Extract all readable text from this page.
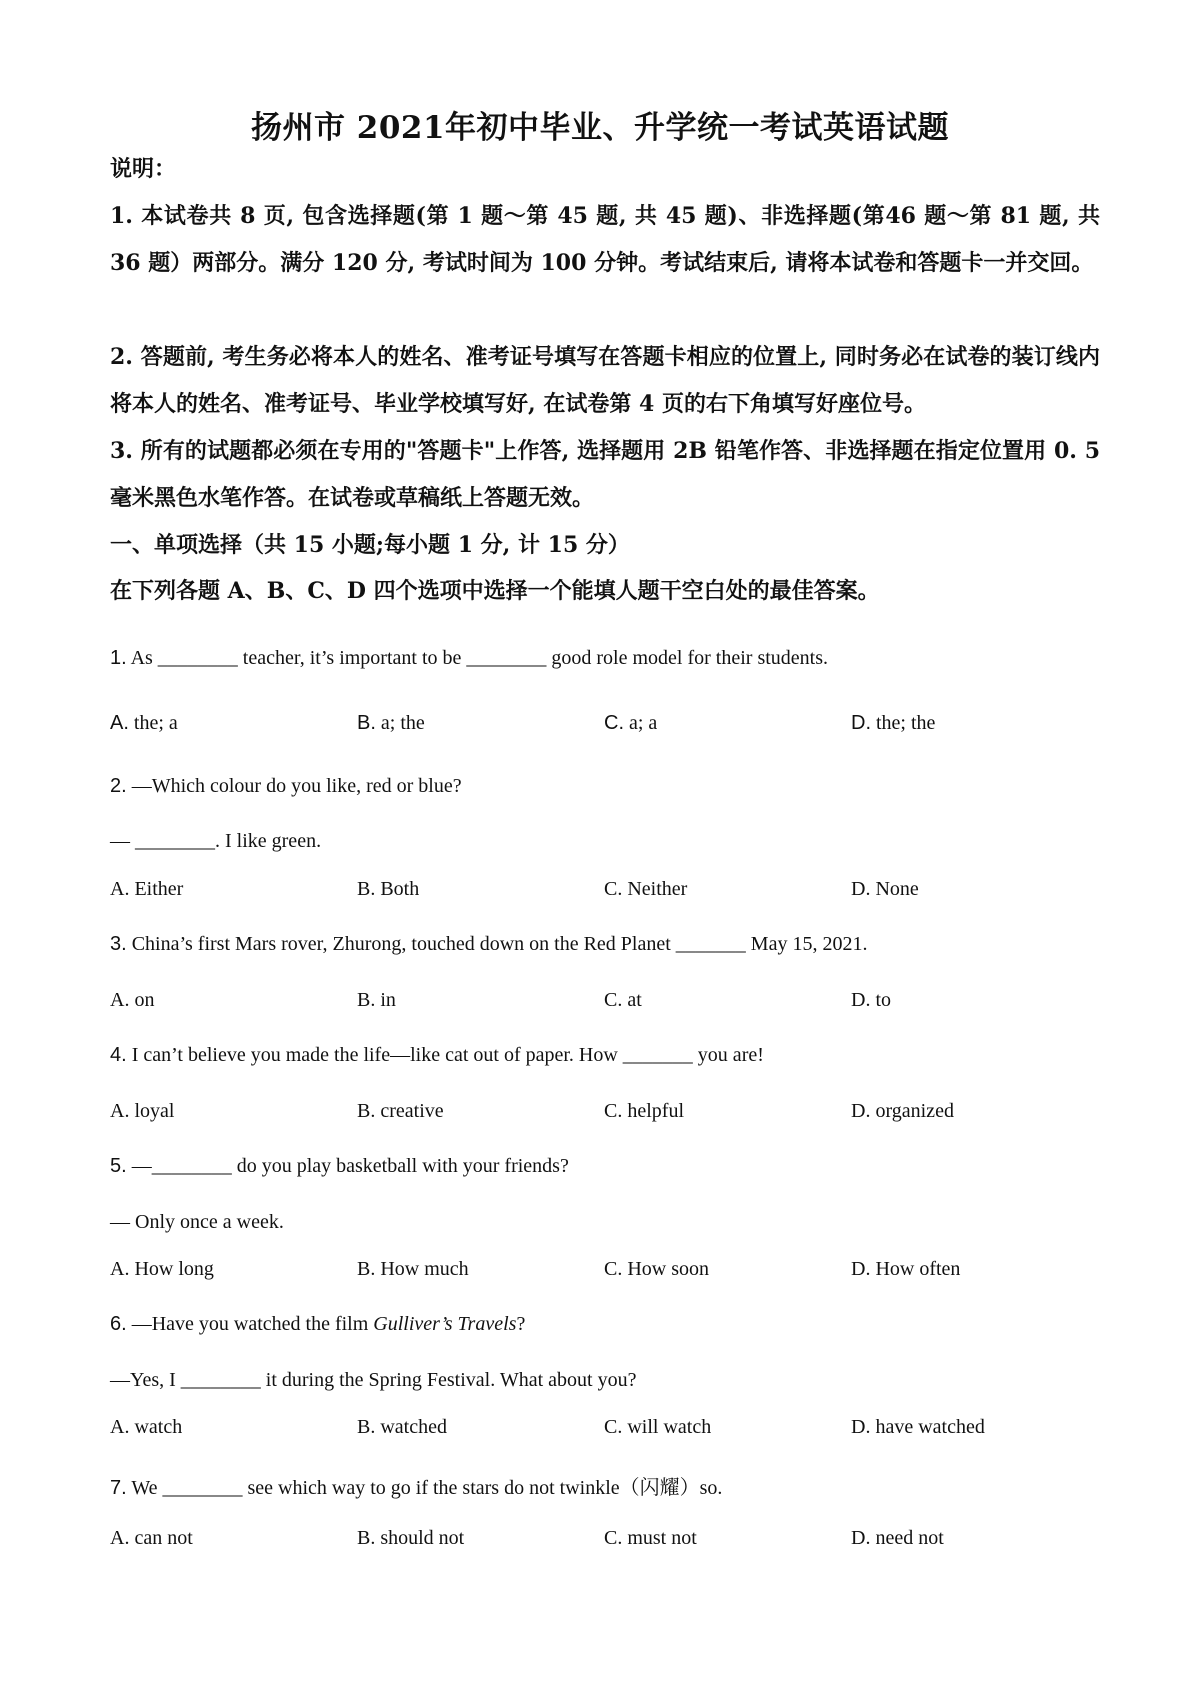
扬州市 2021年初中毕业、升学统一考试英语试题
说明：
1. 本试卷共 8 页, 包含选择题(第 1 题～第 45 题, 共 45 题)、非选择题(第46 题～第 81 题, 共 36 题）两部分。满分 120 分, 考试时间为 100 分钟。考试结束后, 请将本试卷和答题卡一并交回。
2. 答题前, 考生务必将本人的姓名、准考证号填写在答题卡相应的位置上, 同时务必在试卷的装订线内将本人的姓名、准考证号、毕业学校填写好, 在试卷第 4 页的右下角填写好座位号。
3. 所有的试题都必须在专用的"答题卡"上作答, 选择题用 2B 铅笔作答、非选择题在指定位置用 0. 5 毫米黑色水笔作答。在试卷或草稿纸上答题无效。
一、单项选择（共 15 小题;每小题 1 分, 计 15 分）
在下列各题 A、B、C、D 四个选项中选择一个能填人题干空白处的最佳答案。
1. As ________ teacher, it’s important to be ________ good role model for their students.
A. the; a	B. a; the	C. a; a	D. the; the
2. —Which colour do you like, red or blue?
— ________. I like green.
A. Either	B. Both	C. Neither	D. None
3. China’s first Mars rover, Zhurong, touched down on the Red Planet _______ May 15, 2021.
A. on	B. in	C. at	D. to
4. I can’t believe you made the life—like cat out of paper. How _______ you are!
A. loyal	B. creative	C. helpful	D. organized
5. —________ do you play basketball with your friends?
— Only once a week.
A. How long	B. How much	C. How soon	D. How often
6. —Have you watched the film Gulliver’s Travels?
—Yes, I ________ it during the Spring Festival. What about you?
A. watch	B. watched	C. will watch	D. have watched
7. We ________ see which way to go if the stars do not twinkle（闪耀）so.
A. can not	B. should not	C. must not	D. need not
